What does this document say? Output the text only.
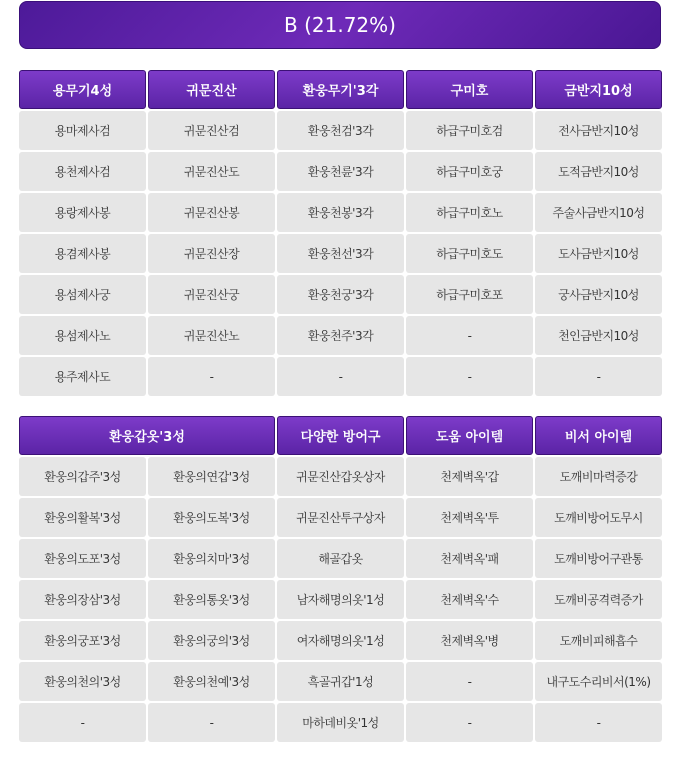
B (21.72%)
용무기4성	귀문진산	환웅무기'3각	구미호	금반지10성
용마제사검	귀문진산검	환웅천검'3각	하급구미호검	전사금반지10성
용천제사검	귀문진산도	환웅천륜'3각	하급구미호궁	도적금반지10성
용랑제사봉	귀문진산봉	환웅천봉'3각	하급구미호노	주술사금반지10성
용겸제사봉	귀문진산장	환웅천선'3각	하급구미호도	도사금반지10성
용섬제사궁	귀문진산궁	환웅천궁'3각	하급구미호포	궁사금반지10성
용섬제사노	귀문진산노	환웅천주'3각	-	천인금반지10성
용주제사도	-	-	-	-
환웅갑옷'3성	다양한 방어구	도움 아이템	비서 아이템
환웅의갑주'3성	환웅의연갑'3성	귀문진산갑옷상자	천제벽옥'갑	도깨비마력증강
환웅의활복'3성	환웅의도복'3성	귀문진산투구상자	천제벽옥'투	도깨비방어도무시
환웅의도포'3성	환웅의치마'3성	해골갑옷	천제벽옥'패	도깨비방어구관통
환웅의장삼'3성	환웅의통옷'3성	남자해명의옷'1성	천제벽옥'수	도깨비공격력증가
환웅의궁포'3성	환웅의궁의'3성	여자해명의옷'1성	천제벽옥'병	도깨비피해흡수
환웅의천의'3성	환웅의천예'3성	흑골귀갑'1성	-	내구도수리비서(1%)
-	-	마하데비옷'1성	-	-
